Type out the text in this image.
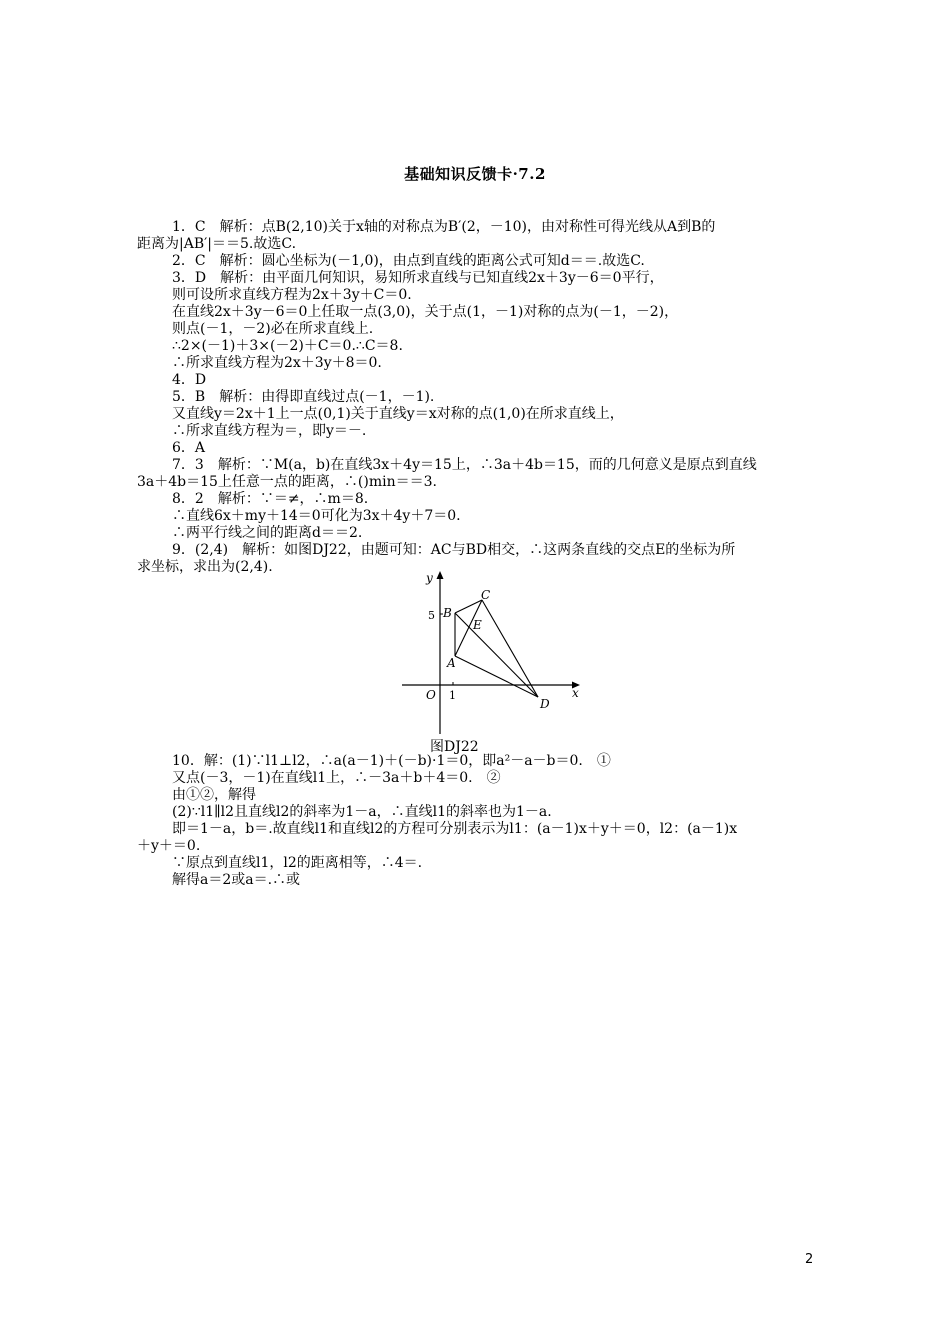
基础知识反馈卡·7.2
1．C　解析：点B(2,10)关于x轴的对称点为B′(2，－10)，由对称性可得光线从A到B的
距离为|AB′|＝＝5.故选C.
2．C　解析：圆心坐标为(－1,0)，由点到直线的距离公式可知d＝＝.故选C.
3．D　解析：由平面几何知识，易知所求直线与已知直线2x＋3y－6＝0平行，
则可设所求直线方程为2x＋3y＋C＝0.
在直线2x＋3y－6＝0上任取一点(3,0)，关于点(1，－1)对称的点为(－1，－2)，
则点(－1，－2)必在所求直线上.
∴2×(－1)＋3×(－2)＋C＝0.∴C＝8.
∴所求直线方程为2x＋3y＋8＝0.
4．D
5．B　解析：由得即直线过点(－1，－1).
又直线y＝2x＋1上一点(0,1)关于直线y＝x对称的点(1,0)在所求直线上，
∴所求直线方程为＝，即y＝－.
6．A
7．3　解析：∵M(a，b)在直线3x＋4y＝15上，∴3a＋4b＝15，而的几何意义是原点到直线
3a＋4b＝15上任意一点的距离，∴()min＝＝3.
8．2　解析：∵＝≠，∴m＝8.
∴直线6x＋my＋14＝0可化为3x＋4y＋7＝0.
∴两平行线之间的距离d＝＝2.
9．(2,4)　解析：如图DJ22，由题可知：AC与BD相交，∴这两条直线的交点E的坐标为所
求坐标，求出为(2,4).
y
x
O 1
5
A
B
C
D
E
图DJ22
10．解：(1)∵l1⊥l2，∴a(a－1)＋(－b)·1＝0，即a²－a－b＝0.　①
又点(－3，－1)在直线l1上，∴－3a＋b＋4＝0.　②
由①②，解得
(2)∵l1∥l2且直线l2的斜率为1－a，∴直线l1的斜率也为1－a.
即＝1－a，b＝.故直线l1和直线l2的方程可分别表示为l1：(a－1)x＋y＋＝0，l2：(a－1)x
＋y＋＝0.
∵原点到直线l1，l2的距离相等，∴4＝.
解得a＝2或a＝.∴或
2
